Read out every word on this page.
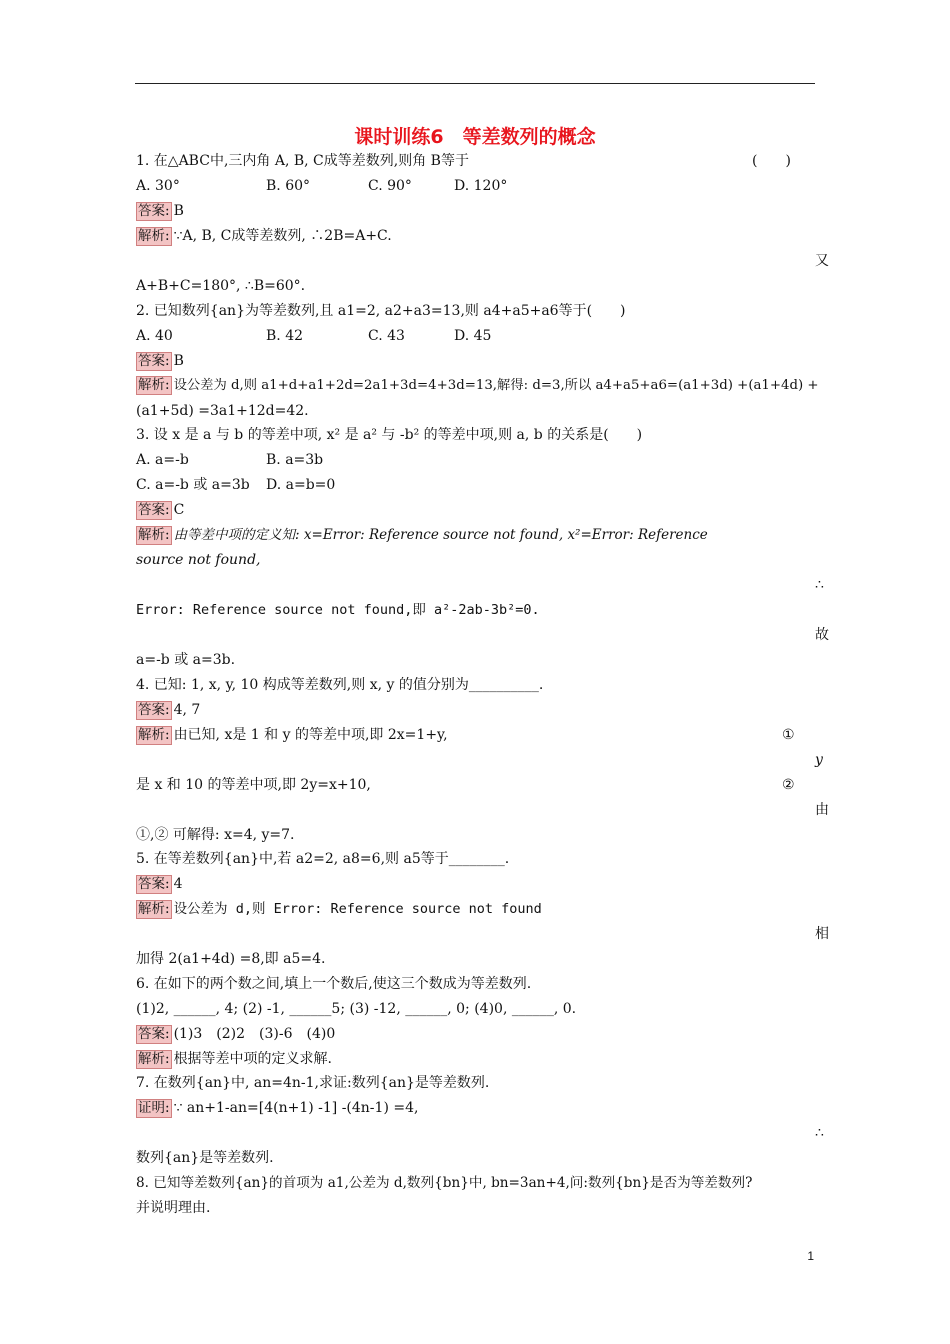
课时训练6　等差数列的概念
1. 在△ABC中,三内角 A, B, C成等差数列,则角 B等于	(　　)
A. 30°	B. 60°	C. 90°	D. 120°
答案: B
解析: ∵A, B, C成等差数列, ∴2B=A+C.
又
A+B+C=180°, ∴B=60°.
2. 已知数列{an}为等差数列,且 a1=2, a2+a3=13,则 a4+a5+a6等于(　　)
A. 40	B. 42	C. 43	D. 45
答案: B
解析: 设公差为 d,则 a1+d+a1+2d=2a1+3d=4+3d=13,解得: d=3,所以 a4+a5+a6=(a1+3d) +(a1+4d) +
(a1+5d) =3a1+12d=42.
3. 设 x 是 a 与 b 的等差中项, x² 是 a² 与 -b² 的等差中项,则 a, b 的关系是(　　)
A. a=-b	B. a=3b
C. a=-b 或 a=3b D. a=b=0
答案: C
解析: 由等差中项的定义知: x=Error: Reference source not found, x²=Error: Reference
source not found,
∴
Error: Reference source not found,即 a²-2ab-3b²=0.
故
a=-b 或 a=3b.
4. 已知: 1, x, y, 10 构成等差数列,则 x, y 的值分别为__________.
答案: 4, 7
解析: 由已知, x是 1 和 y 的等差中项,即 2x=1+y,	①
y
是 x 和 10 的等差中项,即 2y=x+10,	②
由
①,② 可解得: x=4, y=7.
5. 在等差数列{an}中,若 a2=2, a8=6,则 a5等于________.
答案: 4
解析: 设公差为 d,则 Error: Reference source not found
相
加得 2(a1+4d) =8,即 a5=4.
6. 在如下的两个数之间,填上一个数后,使这三个数成为等差数列.
(1)2, ______, 4; (2) -1, ______5; (3) -12, ______, 0; (4)0, ______, 0.
答案: (1)3　(2)2　(3)-6　(4)0
解析: 根据等差中项的定义求解.
7. 在数列{an}中, an=4n-1,求证:数列{an}是等差数列.
证明: ∵ an+1-an=[4(n+1) -1] -(4n-1) =4,
∴
数列{an}是等差数列.
8. 已知等差数列{an}的首项为 a1,公差为 d,数列{bn}中, bn=3an+4,问:数列{bn}是否为等差数列?
并说明理由.
1
